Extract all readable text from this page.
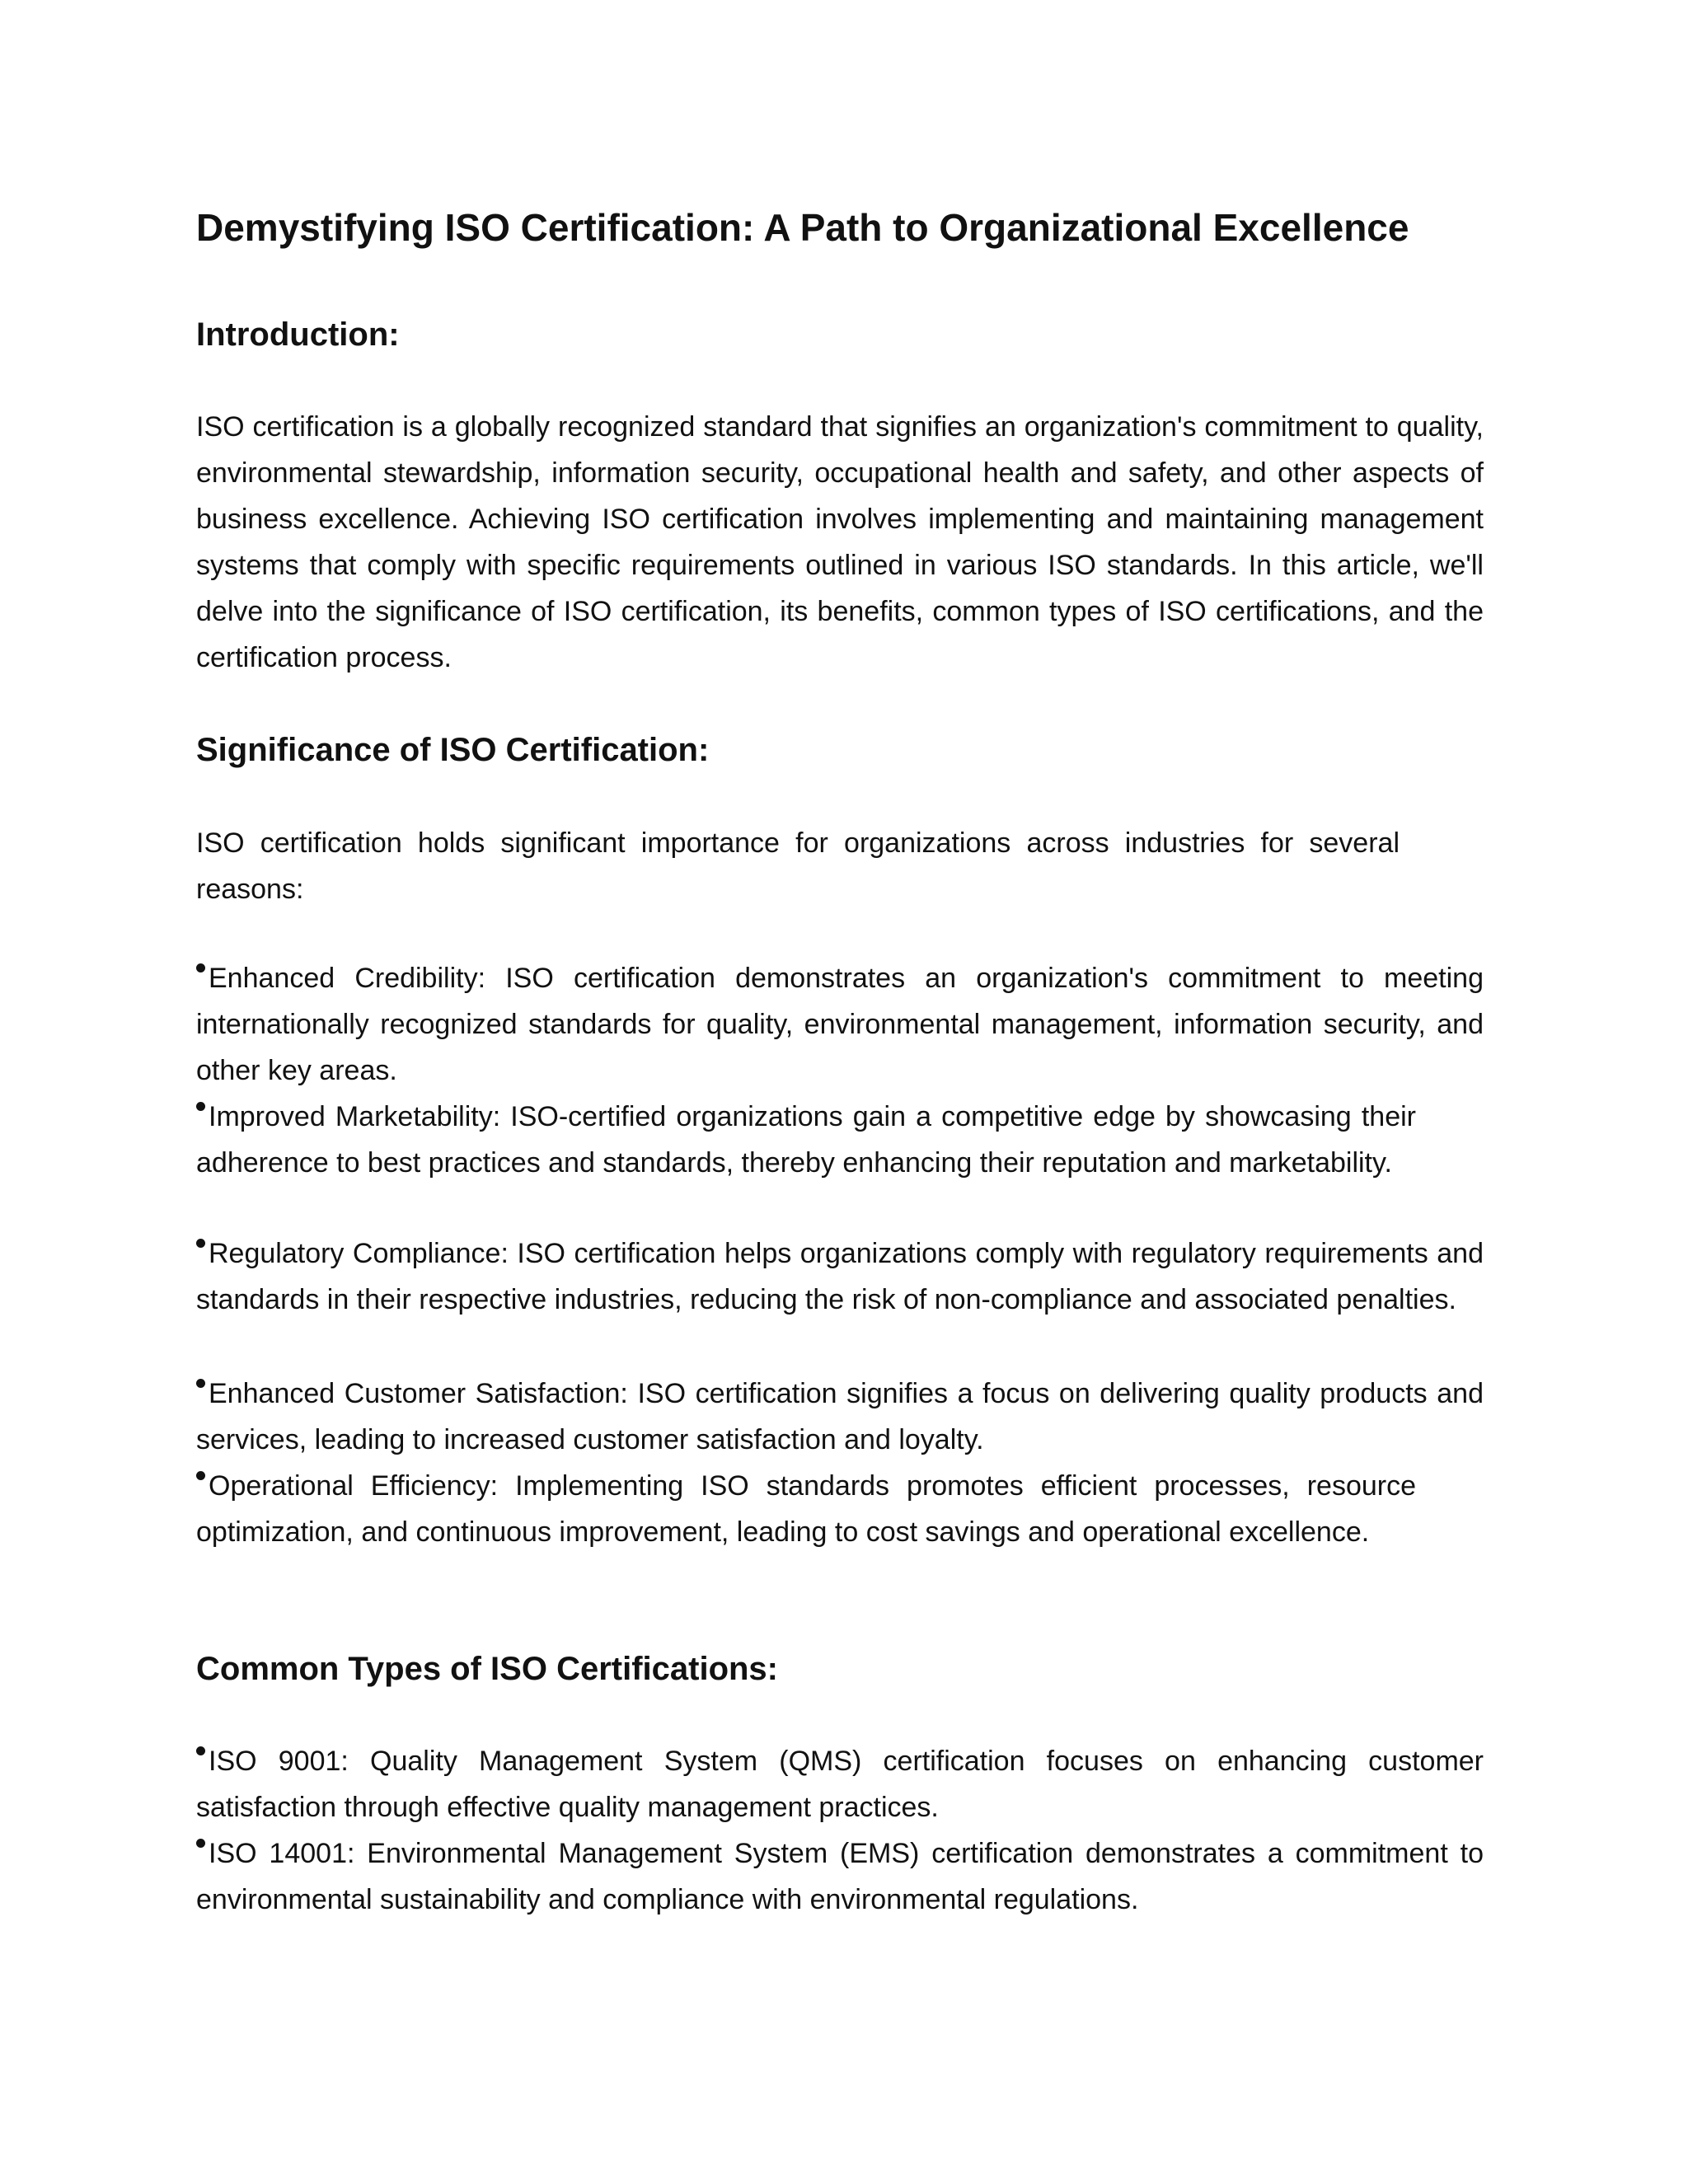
Demystifying ISO Certification: A Path to Organizational Excellence
Introduction:

ISO certification is a globally recognized standard that signifies an organization's commitment to quality, environmental stewardship, information security, occupational health and safety, and other aspects of business excellence. Achieving ISO certification involves implementing and maintaining management systems that comply with specific requirements outlined in various ISO standards. In this article, we'll delve into the significance of ISO certification, its benefits, common types of ISO certifications, and the certification process.

Significance of ISO Certification:

ISO certification holds significant importance for organizations across industries for several reasons:

Enhanced Credibility: ISO certification demonstrates an organization's commitment to meeting internationally recognized standards for quality, environmental management, information security, and other key areas.

Improved Marketability: ISO-certified organizations gain a competitive edge by showcasing their adherence to best practices and standards, thereby enhancing their reputation and marketability.

Regulatory Compliance: ISO certification helps organizations comply with regulatory requirements and standards in their respective industries, reducing the risk of non-compliance and associated penalties.

Enhanced Customer Satisfaction: ISO certification signifies a focus on delivering quality products and services, leading to increased customer satisfaction and loyalty.

Operational Efficiency: Implementing ISO standards promotes efficient processes, resource optimization, and continuous improvement, leading to cost savings and operational excellence.

Common Types of ISO Certifications:

ISO 9001: Quality Management System (QMS) certification focuses on enhancing customer satisfaction through effective quality management practices.

ISO 14001: Environmental Management System (EMS) certification demonstrates a commitment to environmental sustainability and compliance with environmental regulations.
